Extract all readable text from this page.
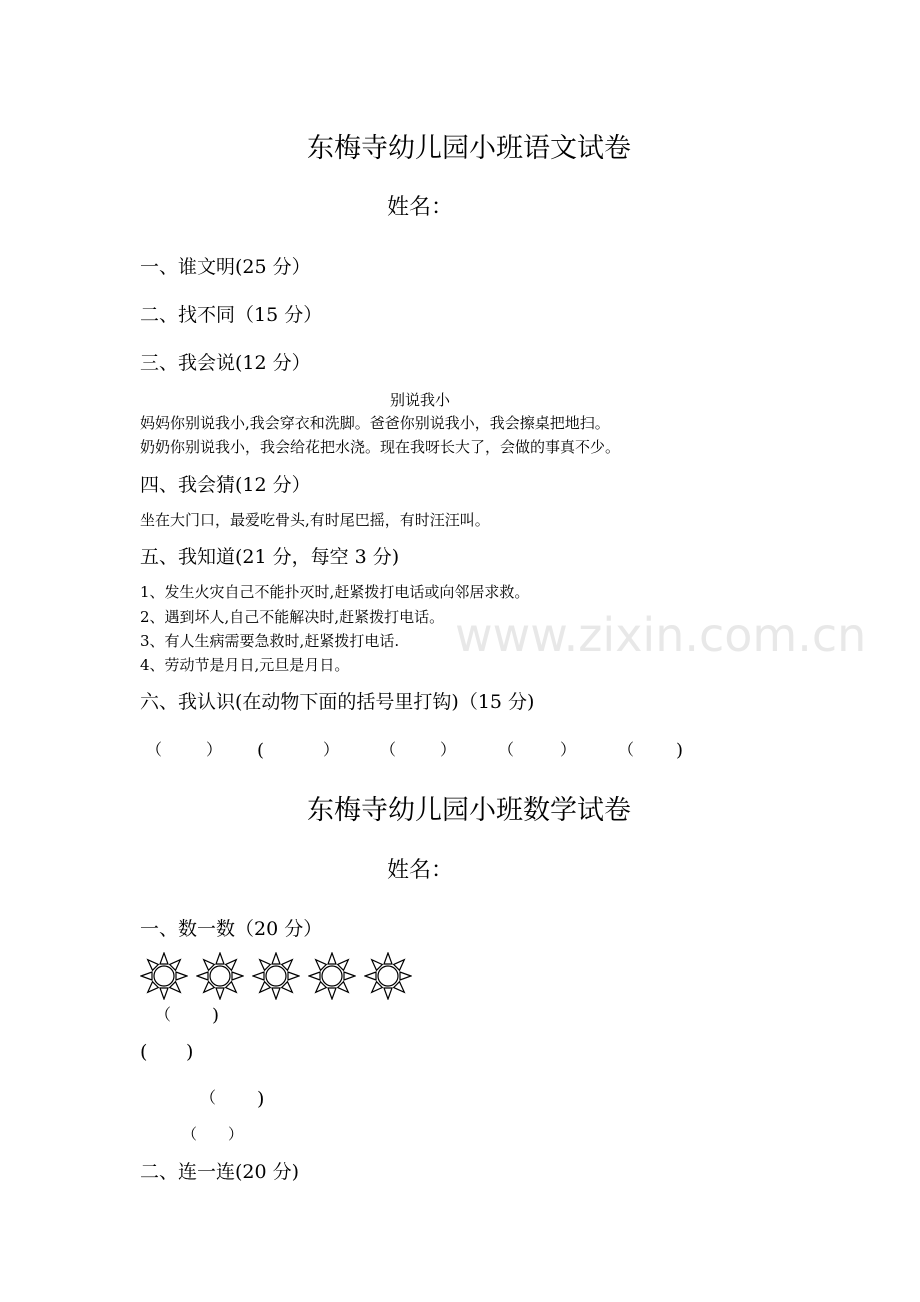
www.zixin.com.cn
东梅寺幼儿园小班语文试卷
姓名：
一、谁文明(25 分）
二、找不同（15 分）
三、我会说(12 分）
别说我小
妈妈你别说我小,我会穿衣和洗脚。爸爸你别说我小，我会擦桌把地扫。
奶奶你别说我小，我会给花把水浇。现在我呀长大了，会做的事真不少。
四、我会猜(12 分）
坐在大门口，最爱吃骨头,有时尾巴摇，有时汪汪叫。
五、我知道(21 分，每空 3 分)
1、发生火灾自己不能扑灭时,赶紧拨打电话或向邻居求救。
2、遇到坏人,自己不能解决时,赶紧拨打电话。
3、有人生病需要急救时,赶紧拨打电话.
4、劳动节是月日,元旦是月日。
六、我认识(在动物下面的括号里打钩)（15 分)
（	） (	）	（	）	（	）	（ )
东梅寺幼儿园小班数学试卷
姓名：
一、数一数（20 分）
（ )
( )
（ )
（ ）
二、连一连(20 分)
